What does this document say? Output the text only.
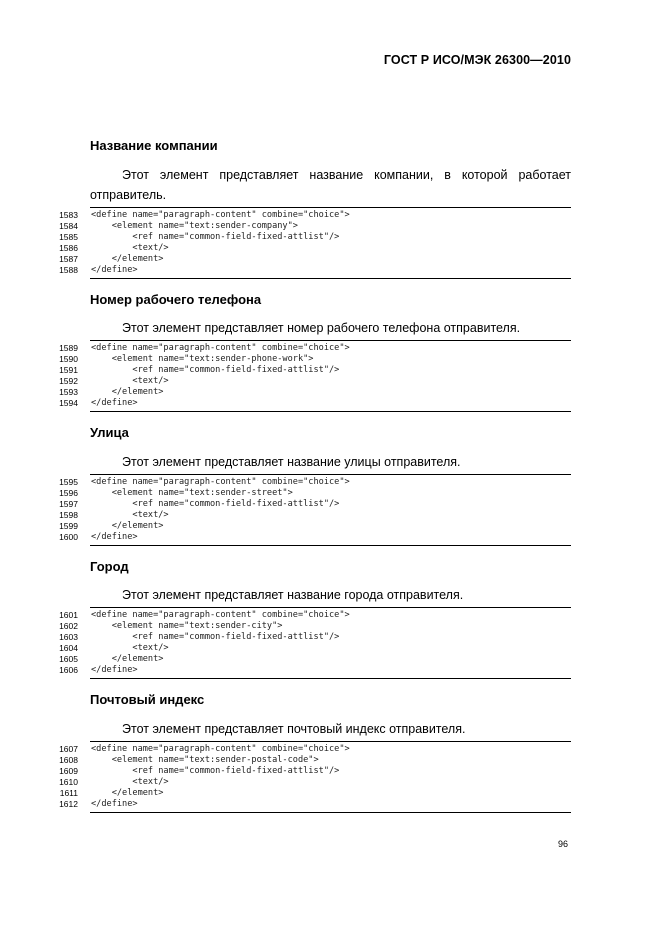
ГОСТ Р ИСО/МЭК 26300—2010
Название компании
Этот элемент представляет название компании, в которой работает
отправитель.
1583 <define name="paragraph-content" combine="choice">
1584 <element name="text:sender-company">
1585 <ref name="common-field-fixed-attlist"/>
1586 <text/>
1587 </element>
1588 </define>
Номер рабочего телефона
Этот элемент представляет номер рабочего телефона отправителя.
1589 <define name="paragraph-content" combine="choice">
1590 <element name="text:sender-phone-work">
1591 <ref name="common-field-fixed-attlist"/>
1592 <text/>
1593 </element>
1594 </define>
Улица
Этот элемент представляет название улицы отправителя.
1595 <define name="paragraph-content" combine="choice">
1596 <element name="text:sender-street">
1597 <ref name="common-field-fixed-attlist"/>
1598 <text/>
1599 </element>
1600 </define>
Город
Этот элемент представляет название города отправителя.
1601 <define name="paragraph-content" combine="choice">
1602 <element name="text:sender-city">
1603 <ref name="common-field-fixed-attlist"/>
1604 <text/>
1605 </element>
1606 </define>
Почтовый индекс
Этот элемент представляет почтовый индекс отправителя.
1607 <define name="paragraph-content" combine="choice">
1608 <element name="text:sender-postal-code">
1609 <ref name="common-field-fixed-attlist"/>
1610 <text/>
1611 </element>
1612 </define>
96
